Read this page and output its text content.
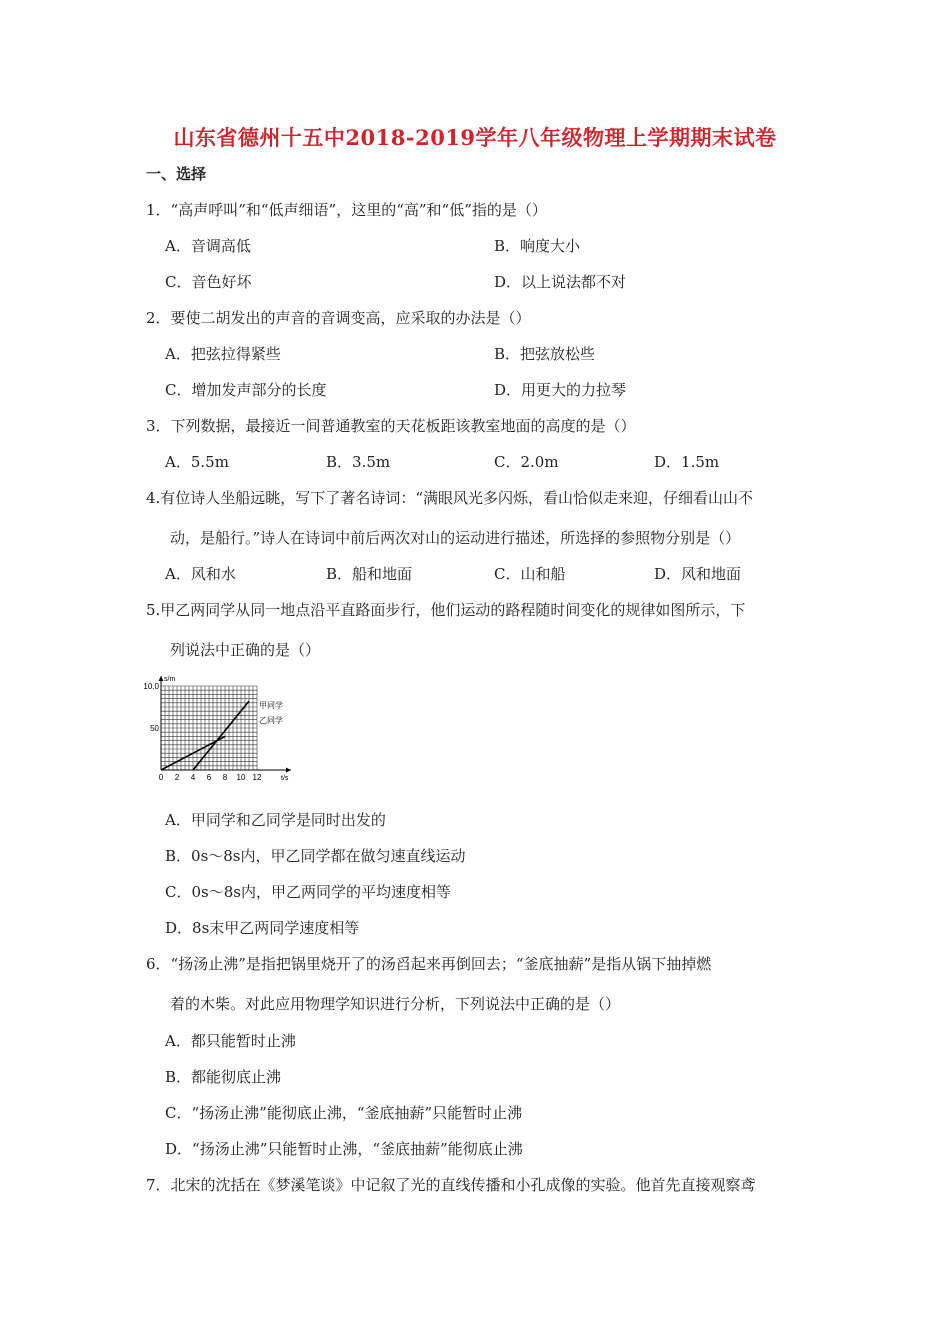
山东省德州十五中2018-2019学年八年级物理上学期期末试卷
一、选择
1．“高声呼叫”和“低声细语”，这里的“高”和“低”指的是（）
A．音调高低	B．响度大小
C．音色好坏	D．以上说法都不对
2．要使二胡发出的声音的音调变高，应采取的办法是（）
A．把弦拉得紧些	B．把弦放松些
C．增加发声部分的长度	D．用更大的力拉琴
3．下列数据，最接近一间普通教室的天花板距该教室地面的高度的是（）
A．5.5m	B．3.5m	C．2.0m	D．1.5m
4.有位诗人坐船远眺，写下了著名诗词：“满眼风光多闪烁，看山恰似走来迎，仔细看山山不
动，是船行。”诗人在诗词中前后两次对山的运动进行描述，所选择的参照物分别是（）
A．风和水	B．船和地面	C．山和船	D．风和地面
5.甲乙两同学从同一地点沿平直路面步行，他们运动的路程随时间变化的规律如图所示，下
列说法中正确的是（）
0 2 4 6 8 10 12
50
10.0
s/m
t/s
甲 同学
乙 同学
A．甲同学和乙同学是同时出发的
B．0s～8s内，甲乙同学都在做匀速直线运动
C．0s～8s内，甲乙两同学的平均速度相等
D．8s末甲乙两同学速度相等
6．“扬汤止沸”是指把锅里烧开了的汤舀起来再倒回去；“釜底抽薪”是指从锅下抽掉燃
着的木柴。对此应用物理学知识进行分析，下列说法中正确的是（）
A．都只能暂时止沸
B．都能彻底止沸
C．“扬汤止沸”能彻底止沸，“釜底抽薪”只能暂时止沸
D．“扬汤止沸”只能暂时止沸，“釜底抽薪”能彻底止沸
7．北宋的沈括在《梦溪笔谈》中记叙了光的直线传播和小孔成像的实验。他首先直接观察鸢
